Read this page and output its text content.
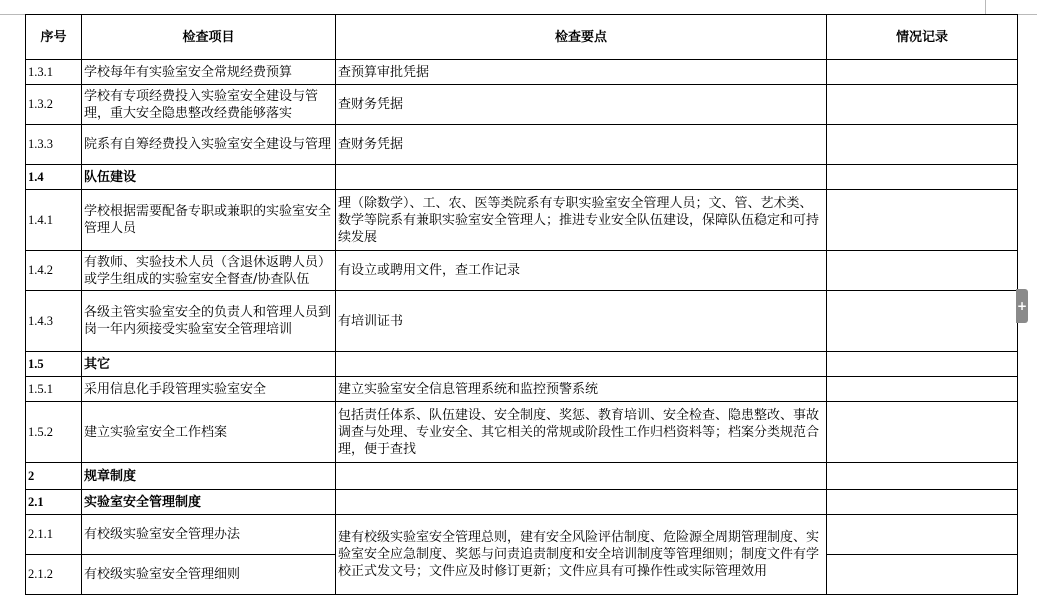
序号	检查项目	检查要点	情况记录
1.3.1	学校每年有实验室安全常规经费预算	查预算审批凭据	
1.3.2	学校有专项经费投入实验室安全建设与管理，重大安全隐患整改经费能够落实	查财务凭据	
1.3.3	院系有自筹经费投入实验室安全建设与管理	查财务凭据	
1.4	队伍建设		
1.4.1	学校根据需要配备专职或兼职的实验室安全管理人员	理（除数学）、工、农、医等类院系有专职实验室安全管理人员；文、管、艺术类、数学等院系有兼职实验室安全管理人；推进专业安全队伍建设，保障队伍稳定和可持续发展	
1.4.2	有教师、实验技术人员（含退休返聘人员）或学生组成的实验室安全督查/协查队伍	有设立或聘用文件，查工作记录	
1.4.3	各级主管实验室安全的负责人和管理人员到岗一年内须接受实验室安全管理培训	有培训证书	
1.5	其它		
1.5.1	采用信息化手段管理实验室安全	建立实验室安全信息管理系统和监控预警系统	
1.5.2	建立实验室安全工作档案	包括责任体系、队伍建设、安全制度、奖惩、教育培训、安全检查、隐患整改、事故调查与处理、专业安全、其它相关的常规或阶段性工作归档资料等；档案分类规范合理，便于查找	
2	规章制度		
2.1	实验室安全管理制度		
2.1.1	有校级实验室安全管理办法	建有校级实验室安全管理总则，建有安全风险评估制度、危险源全周期管理制度、实验室安全应急制度、奖惩与问责追责制度和安全培训制度等管理细则；制度文件有学校正式发文号；文件应及时修订更新；文件应具有可操作性或实际管理效用	
2.1.2	有校级实验室安全管理细则		
+
